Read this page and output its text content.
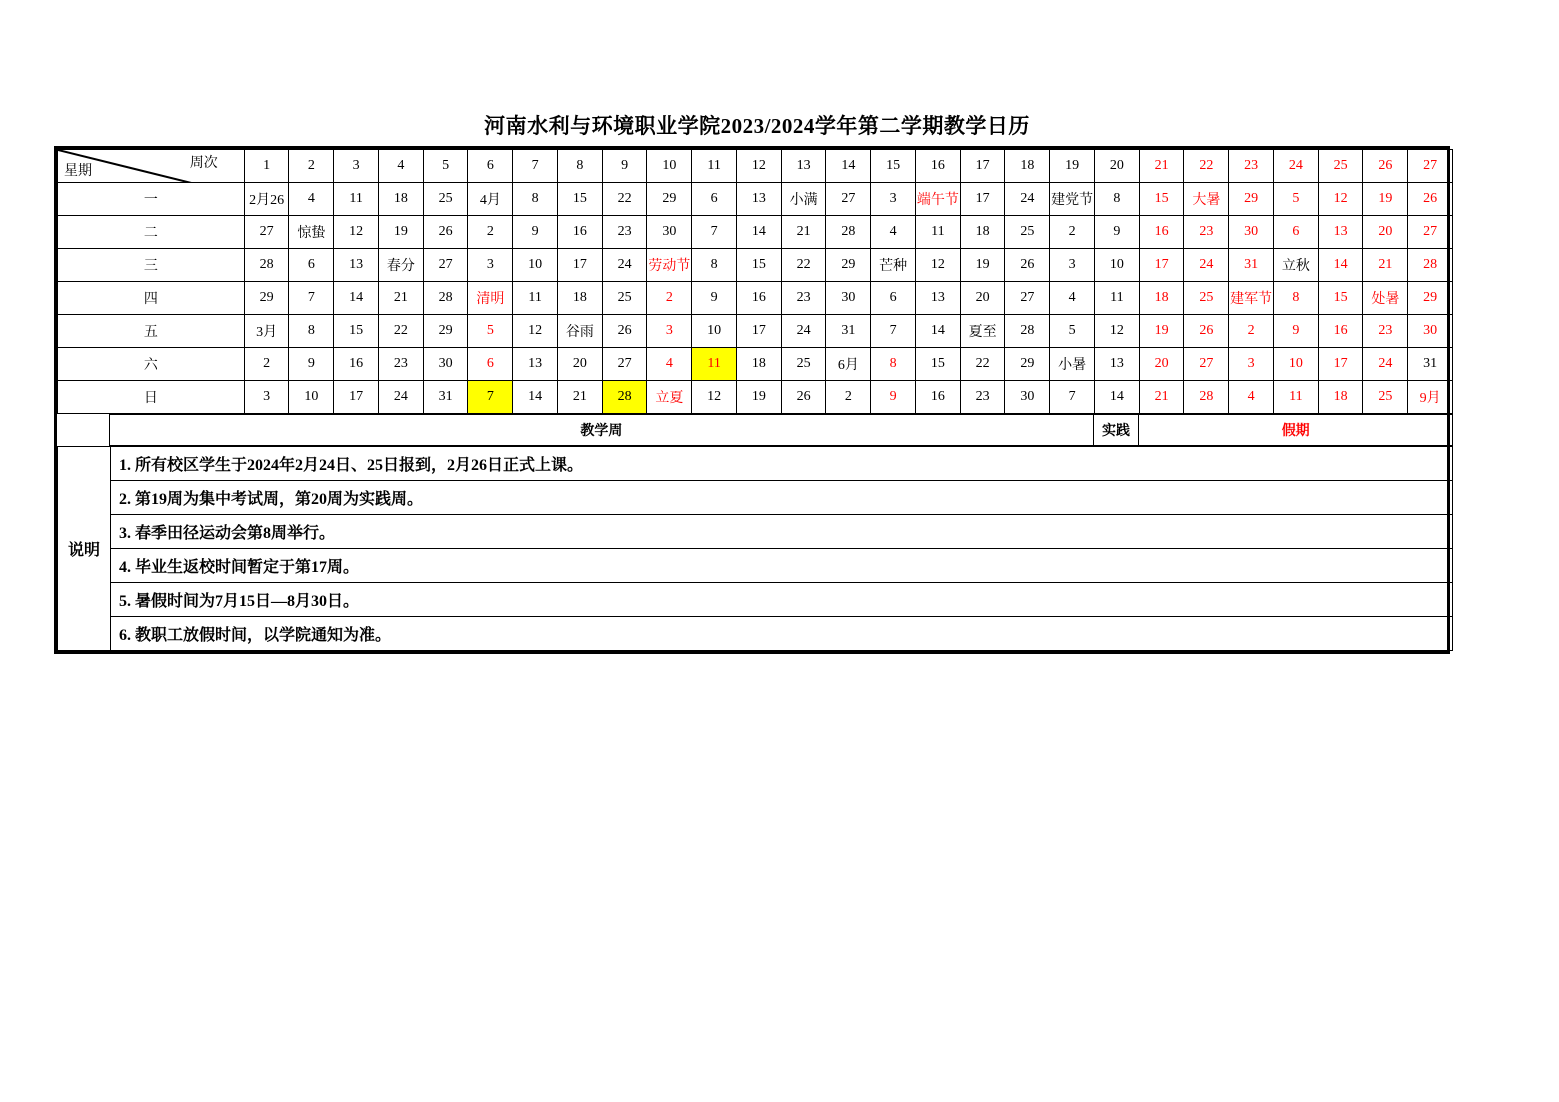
河南水利与环境职业学院2023/2024学年第二学期教学日历
周次
星期	1	2	3	4	5	6	7	8	9	10	11	12	13	14	15	16	17	18	19	20	21	22	23	24	25	26	27
一	2月26	4	11	18	25	4月	8	15	22	29	6	13	小满	27	3	端午节	17	24	建党节	8	15	大暑	29	5	12	19	26
二	27	惊蛰	12	19	26	2	9	16	23	30	7	14	21	28	4	11	18	25	2	9	16	23	30	6	13	20	27
三	28	6	13	春分	27	3	10	17	24	劳动节	8	15	22	29	芒种	12	19	26	3	10	17	24	31	立秋	14	21	28
四	29	7	14	21	28	清明	11	18	25	2	9	16	23	30	6	13	20	27	4	11	18	25	建军节	8	15	处暑	29
五	3月	8	15	22	29	5	12	谷雨	26	3	10	17	24	31	7	14	夏至	28	5	12	19	26	2	9	16	23	30
六	2	9	16	23	30	6	13	20	27	4	11	18	25	6月	8	15	22	29	小暑	13	20	27	3	10	17	24	31
日	3	10	17	24	31	7	14	21	28	立夏	12	19	26	2	9	16	23	30	7	14	21	28	4	11	18	25	9月
	教学周	实践	假期
说明	1. 所有校区学生于2024年2月24日、25日报到，2月26日正式上课。
2. 第19周为集中考试周，第20周为实践周。
3. 春季田径运动会第8周举行。
4. 毕业生返校时间暂定于第17周。
5. 暑假时间为7月15日—8月30日。
6. 教职工放假时间，以学院通知为准。
